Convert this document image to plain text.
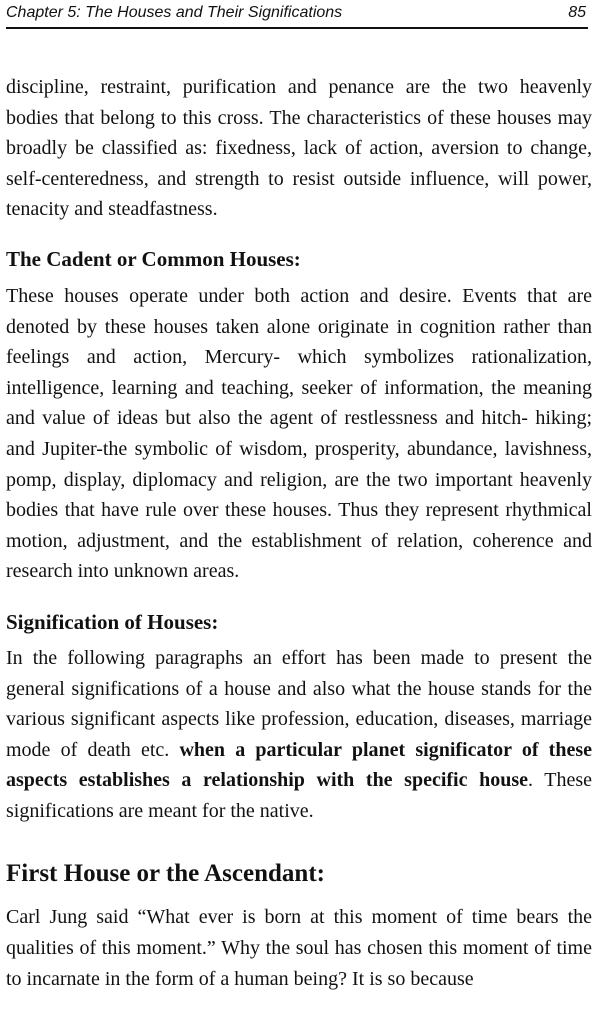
Chapter 5: The Houses and Their Significations	85

discipline, restraint, purification and penance are the two heavenly bodies that belong to this cross. The characteristics of these houses may broadly be classified as: fixedness, lack of action, aversion to change, self-centeredness, and strength to resist outside influence, will power, tenacity and steadfastness.

The Cadent or Common Houses:

These houses operate under both action and desire. Events that are denoted by these houses taken alone originate in cognition rather than feelings and action, Mercury- which symbolizes rationalization, intelligence, learning and teaching, seeker of information, the meaning and value of ideas but also the agent of restlessness and hitch- hiking; and Jupiter-the symbolic of wisdom, prosperity, abundance, lavishness, pomp, display, diplomacy and religion, are the two important heavenly bodies that have rule over these houses. Thus they represent rhythmical motion, adjustment, and the establishment of relation, coherence and research into unknown areas.

Signification of Houses:

In the following paragraphs an effort has been made to present the general significations of a house and also what the house stands for the various significant aspects like profession, education, diseases, marriage mode of death etc. when a particular planet significator of these aspects establishes a relationship with the specific house. These significations are meant for the native.

First House or the Ascendant:

Carl Jung said “What ever is born at this moment of time bears the qualities of this moment.” Why the soul has chosen this moment of time to incarnate in the form of a human being? It is so because
